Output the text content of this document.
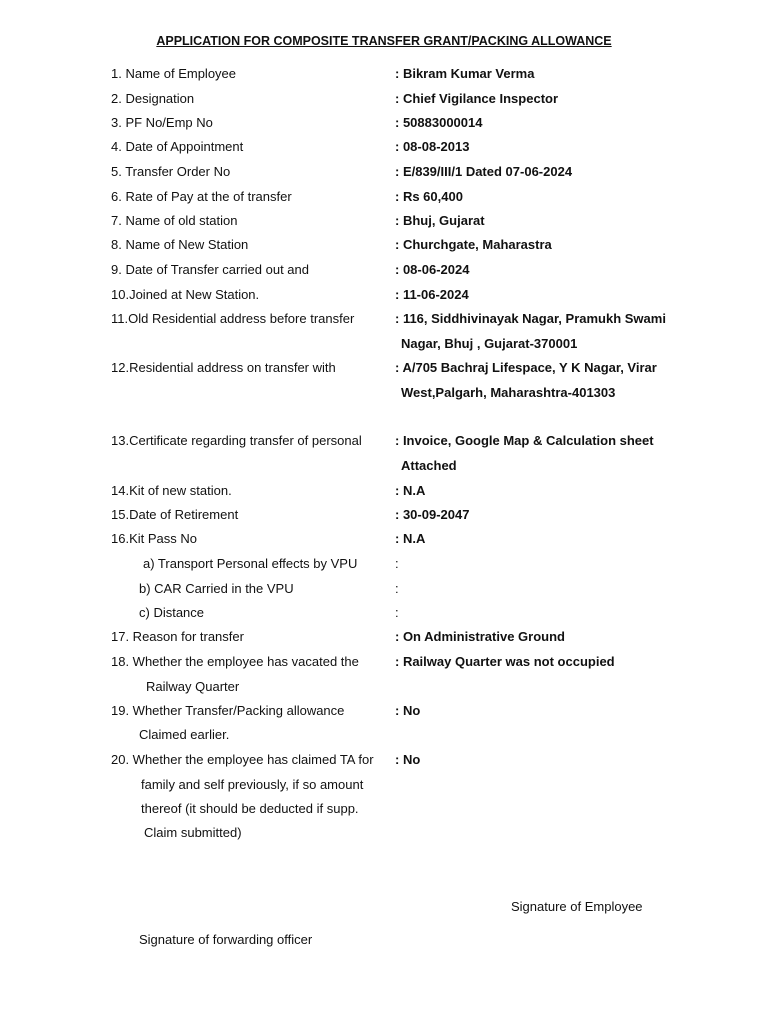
APPLICATION FOR COMPOSITE TRANSFER GRANT/PACKING ALLOWANCE
1. Name of Employee	: Bikram Kumar Verma
2. Designation	: Chief Vigilance Inspector
3. PF No/Emp No	: 50883000014
4. Date of Appointment	: 08-08-2013
5. Transfer Order No	: E/839/III/1 Dated 07-06-2024
6. Rate of Pay at the of transfer	: Rs 60,400
7. Name of old station	: Bhuj, Gujarat
8. Name of New Station	: Churchgate, Maharastra
9. Date of Transfer carried out and	: 08-06-2024
10.Joined at New Station.	: 11-06-2024
11.Old Residential address before transfer	: 116, Siddhivinayak Nagar, Pramukh Swami
Nagar, Bhuj , Gujarat-370001
12.Residential address on transfer with	: A/705 Bachraj Lifespace, Y K Nagar, Virar
West,Palgarh, Maharashtra-401303
13.Certificate regarding transfer of personal	: Invoice, Google Map & Calculation sheet
Attached
14.Kit of new station.	: N.A
15.Date of Retirement	: 30-09-2047
16.Kit Pass No	: N.A
a) Transport Personal effects by VPU	:
b) CAR Carried in the VPU	:
c) Distance	:
17. Reason for transfer	: On Administrative Ground
18. Whether the employee has vacated the
Railway Quarter
: Railway Quarter was not occupied
19. Whether Transfer/Packing allowance
Claimed earlier.
: No
20. Whether the employee has claimed TA for
family and self previously, if so amount
thereof (it should be deducted if supp.
Claim submitted)
: No
Signature of Employee
Signature of forwarding officer
